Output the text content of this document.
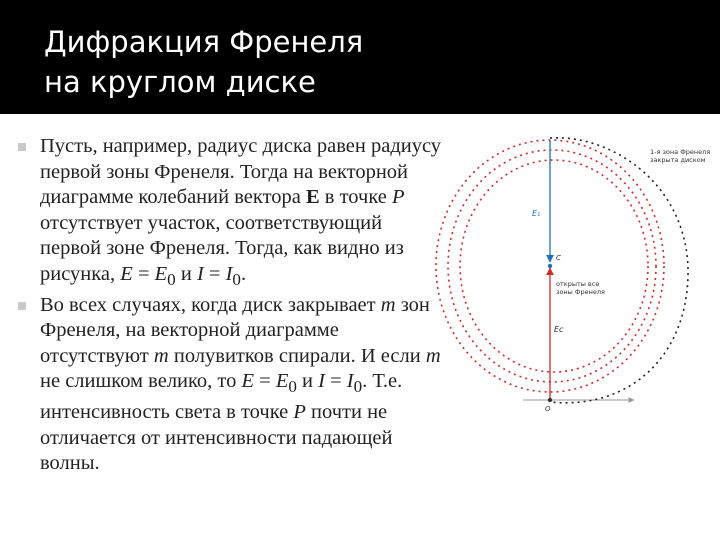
Дифракция Френеля
на круглом диске
Пусть, например, радиус диска равен радиусу первой зоны Френеля. Тогда на векторной диаграмме колебаний вектора E в точке P отсутствует участок, соответствующий первой зоне Френеля. Тогда, как видно из рисунка, $E = E_0$ и $I = I_0$.
Во всех случаях, когда диск закрывает m зон Френеля, на векторной диаграмме отсутствуют m полувитков спирали. И если m не слишком велико, то $E = E_0$ и $I = I_0$. Т.е. интенсивность света в точке P почти не отличается от интенсивности падающей волны.
1-я зона Френеля
закрыта диском
E₁
C
открыты все
зоны Френеля
Eс
O
